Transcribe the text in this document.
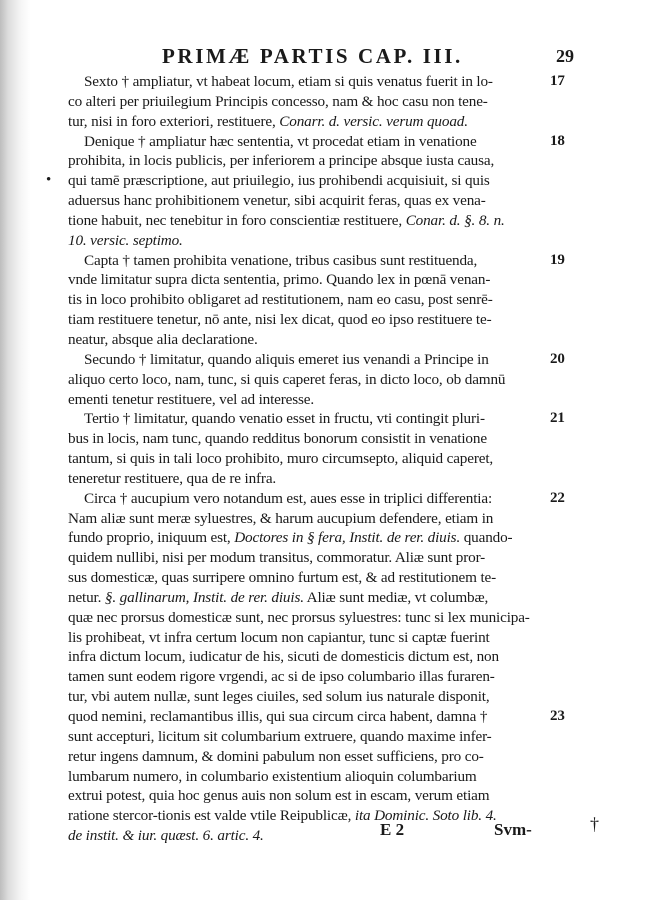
PRIMÆ PARTIS CAP. III.	29
Sexto † ampliatur, vt habeat locum, etiam si quis venatus fuerit in lo-	17
co alteri per priuilegium Principis concesso, nam & hoc casu non tene-
tur, nisi in foro exteriori, restituere, Conarr. d. versic. verum quoad.
Denique † ampliatur hæc sententia, vt procedat etiam in venatione	18
prohibita, in locis publicis, per inferiorem a principe absque iusta causa,
• qui tamē præscriptione, aut priuilegio, ius prohibendi acquisiuit, si quis
aduersus hanc prohibitionem venetur, sibi acquirit feras, quas ex vena-
tione habuit, nec tenebitur in foro conscientiæ restituere, Conar. d. §. 8. n.
10. versic. septimo.
Capta † tamen prohibita venatione, tribus casibus sunt restituenda,	19
vnde limitatur supra dicta sententia, primo. Quando lex in pœnā venan-
tis in loco prohibito obligaret ad restitutionem, nam eo casu, post senrē-
tiam restituere tenetur, nō ante, nisi lex dicat, quod eo ipso restituere te-
neatur, absque alia declaratione.
Secundo † limitatur, quando aliquis emeret ius venandi a Principe in	20
aliquo certo loco, nam, tunc, si quis caperet feras, in dicto loco, ob damnū
ementi tenetur restituere, vel ad interesse.
Tertio † limitatur, quando venatio esset in fructu, vti contingit pluri-	21
bus in locis, nam tunc, quando redditus bonorum consistit in venatione
tantum, si quis in tali loco prohibito, muro circumsepto, aliquid caperet,
teneretur restituere, qua de re infra.
Circa † aucupium vero notandum est, aues esse in triplici differentia:	22
Nam aliæ sunt meræ syluestres, & harum aucupium defendere, etiam in
fundo proprio, iniquum est, Doctores in § fera, Instit. de rer. diuis. quando-
quidem nullibi, nisi per modum transitus, commoratur. Aliæ sunt pror-
sus domesticæ, quas surripere omnino furtum est, & ad restitutionem te-
netur. §. gallinarum, Instit. de rer. diuis. Aliæ sunt mediæ, vt columbæ,
quæ nec prorsus domesticæ sunt, nec prorsus syluestres: tunc si lex municipa-
lis prohibeat, vt infra certum locum non capiantur, tunc si captæ fuerint
infra dictum locum, iudicatur de his, sicuti de domesticis dictum est, non
tamen sunt eodem rigore vrgendi, ac si de ipso columbario illas furaren-
tur, vbi autem nullæ, sunt leges ciuiles, sed solum ius naturale disponit,
quod nemini, reclamantibus illis, qui sua circum circa habent, damna †	23
sunt accepturi, licitum sit columbarium extruere, quando maxime infer-
retur ingens damnum, & domini pabulum non esset sufficiens, pro co-
lumbarum numero, in columbario existentium alioquin columbarium
extrui potest, quia hoc genus auis non solum est in escam, verum etiam
ratione stercor-tionis est valde vtile Reipublicæ, ita Dominic. Soto lib. 4.
de instit. & iur. quæst. 6. artic. 4.	E 2	Svm-	†
